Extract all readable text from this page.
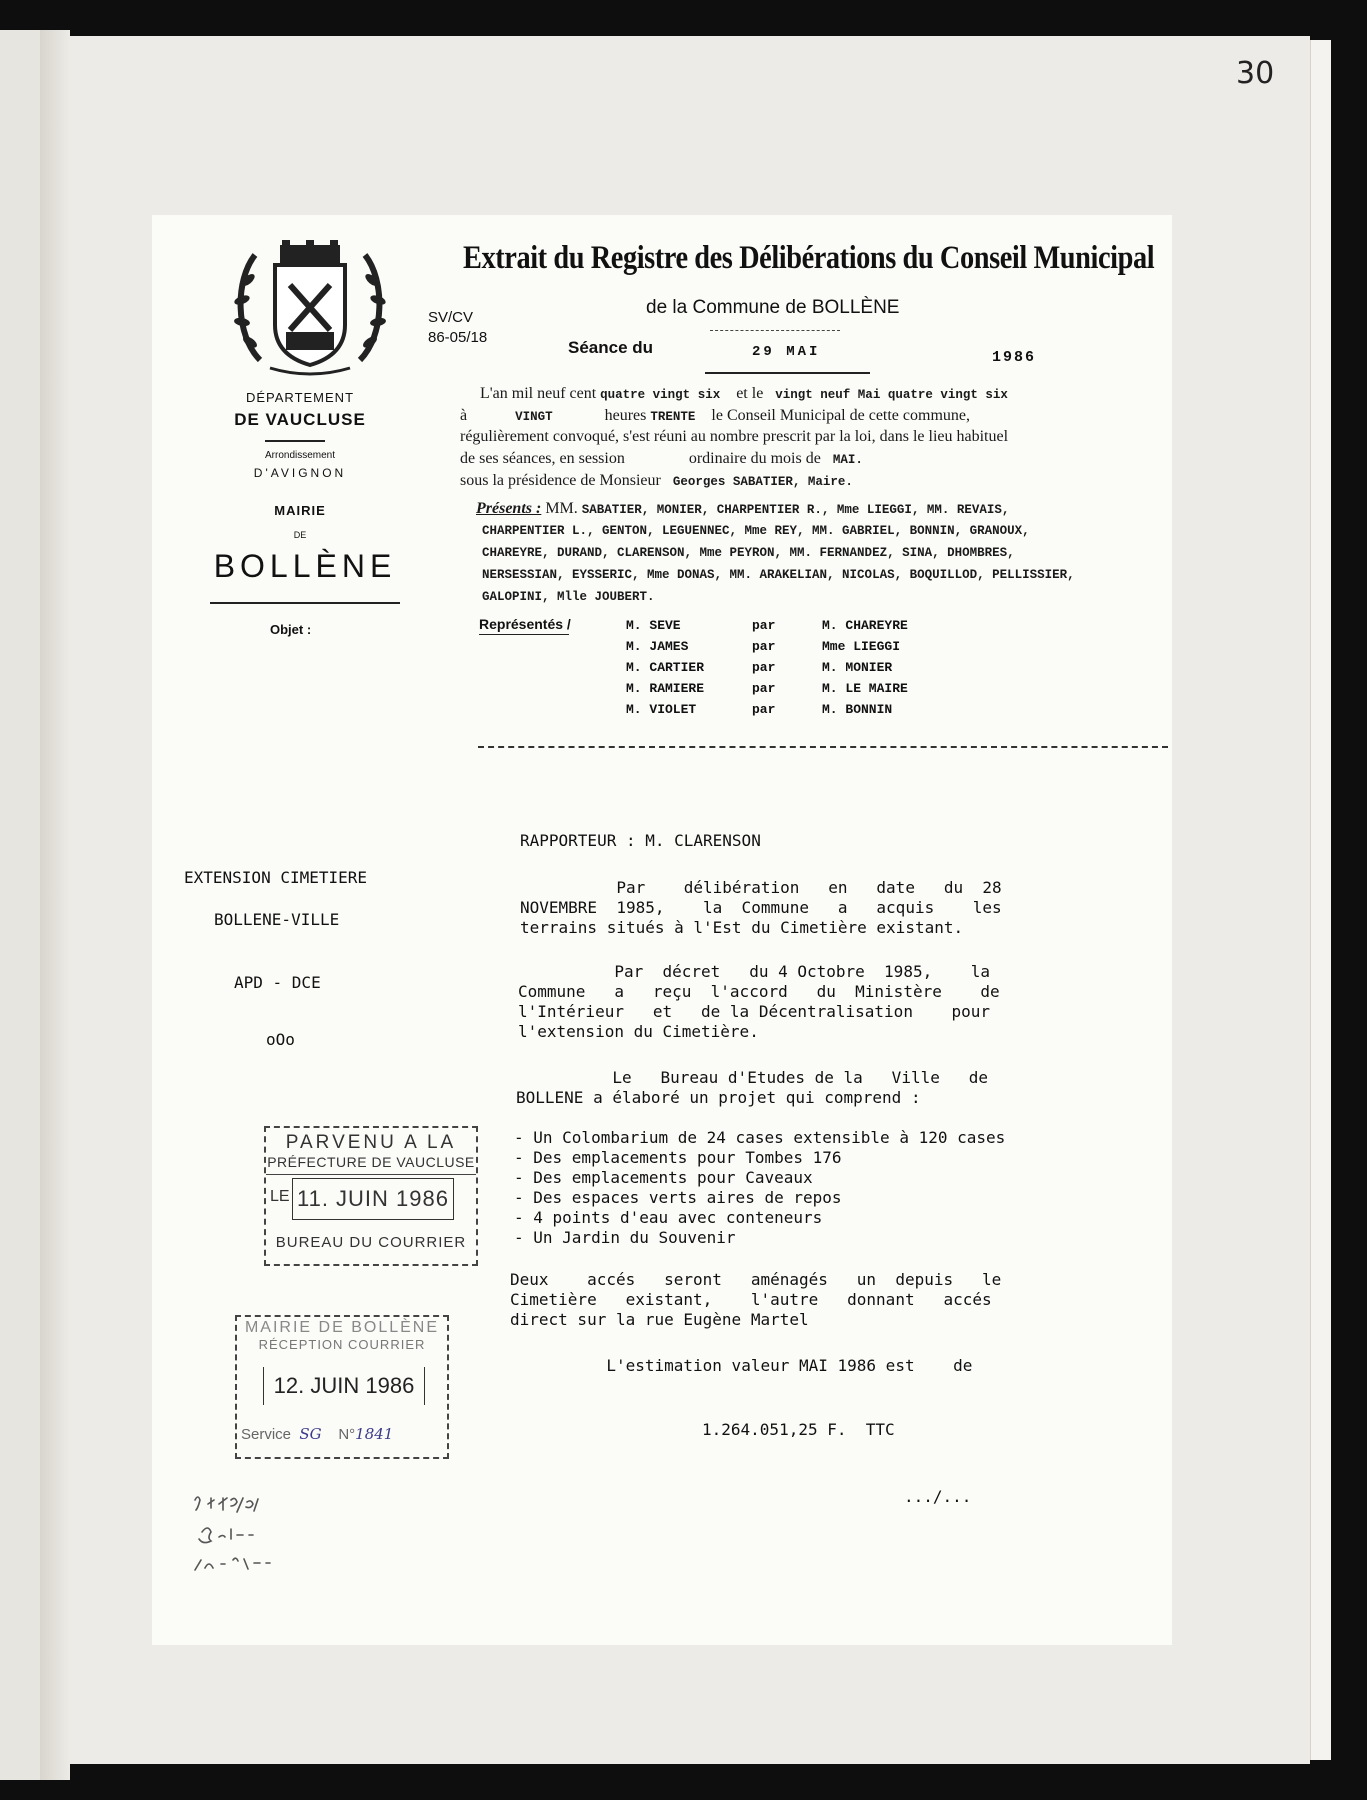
30
DÉPARTEMENT
DE VAUCLUSE
Arrondissement
D'AVIGNON
MAIRIE
DE
BOLLÈNE
Objet :
Extrait du Registre des Délibérations du Conseil Municipal
de la Commune de BOLLÈNE
SV/CV
86-05/18
Séance du	29 MAI	1986
L'an mil neuf cent quatre vingt six et le vingt neuf Mai quatre vingt six
à	VINGT	heures TRENTE le Conseil Municipal de cette commune,
régulièrement convoqué, s'est réuni au nombre prescrit par la loi, dans le lieu habituel
de ses séances, en session	ordinaire du mois de MAI.
sous la présidence de Monsieur Georges SABATIER, Maire.
Présents : MM. SABATIER, MONIER, CHARPENTIER R., Mme LIEGGI, MM. REVAIS,
CHARPENTIER L., GENTON, LEGUENNEC, Mme REY, MM. GABRIEL, BONNIN, GRANOUX,
CHAREYRE, DURAND, CLARENSON, Mme PEYRON, MM. FERNANDEZ, SINA, DHOMBRES,
NERSESSIAN, EYSSERIC, Mme DONAS, MM. ARAKELIAN, NICOLAS, BOQUILLOD, PELLISSIER,
GALOPINI, Mlle JOUBERT.
Représentés /	M. SEVE	par	M. CHAREYRE
M. JAMES	par	Mme LIEGGI
M. CARTIER	par	M. MONIER
M. RAMIERE	par	M. LE MAIRE
M. VIOLET	par	M. BONNIN
EXTENSION CIMETIERE
BOLLENE-VILLE
APD - DCE
oOo
RAPPORTEUR : M. CLARENSON
Par    délibération   en   date   du  28
NOVEMBRE  1985,    la  Commune   a   acquis    les
terrains situés à l'Est du Cimetière existant.
Par  décret   du 4 Octobre  1985,    la
Commune   a   reçu  l'accord   du  Ministère    de
l'Intérieur   et   de la Décentralisation    pour
l'extension du Cimetière.
Le   Bureau d'Etudes de la   Ville   de
BOLLENE a élaboré un projet qui comprend :
- Un Colombarium de 24 cases extensible à 120 cases
- Des emplacements pour Tombes 176
- Des emplacements pour Caveaux
- Des espaces verts aires de repos
- 4 points d'eau avec conteneurs
- Un Jardin du Souvenir
Deux    accés   seront   aménagés   un  depuis   le
Cimetière   existant,    l'autre   donnant   accés
direct sur la rue Eugène Martel
L'estimation valeur MAI 1986 est    de
1.264.051,25 F.  TTC
.../...
PARVENU A LA
PRÉFECTURE DE VAUCLUSE
LE 11. JUIN 1986
BUREAU DU COURRIER
MAIRIE DE BOLLÈNE
RÉCEPTION COURRIER
12. JUIN 1986
Service SG N°1841
